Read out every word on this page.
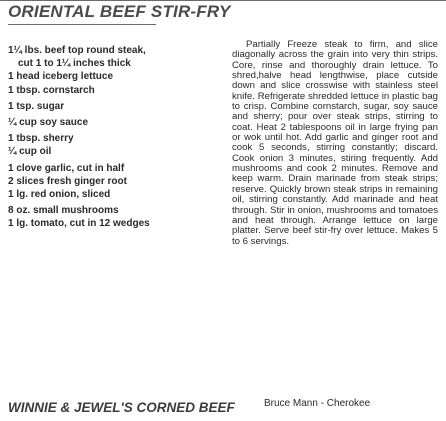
ORIENTAL BEEF STIR-FRY
1¼ lbs. beef top round steak,
cut 1 to 1¼ inches thick
1 head iceberg lettuce
1 tbsp. cornstarch
1 tsp. sugar
¼ cup soy sauce
1 tbsp. sherry
¼ cup oil
1 clove garlic, cut in half
2 slices fresh ginger root
1 lg. red onion, sliced
8 oz. small mushrooms
1 lg. tomato, cut in 12 wedges

Partially Freeze steak to firm, and slice diagonally across the grain into very thin strips. Core, rinse and thoroughly drain lettuce. To shred,halve head lengthwise, place cutside down and slice crosswise with stainless steel knife. Refrigerate shredded lettuce in plastic bag to crisp. Combine cornstarch, sugar, soy sauce and sherry; pour over steak strips, stirring to coat. Heat 2 tablespoons oil in large frying pan or wok until hot. Add garlic and ginger root and cook 5 seconds, stirring constantly; discard. Cook onion 3 minutes, stiring frequently. Add mushrooms and cook 2 minutes. Remove and keep warm. Drain marinade from steak strips; reserve. Quickly brown steak strips in remaining oil, stirring constantly. Add marinade and heat through. Stir in onion, mushrooms and tomatoes and heat through. Arrange lettuce on large platter. Serve beef stir-fry over lettuce. Makes 5 to 6 servings.

Bruce Mann - Cherokee
WINNIE & JEWEL'S CORNED BEEF
